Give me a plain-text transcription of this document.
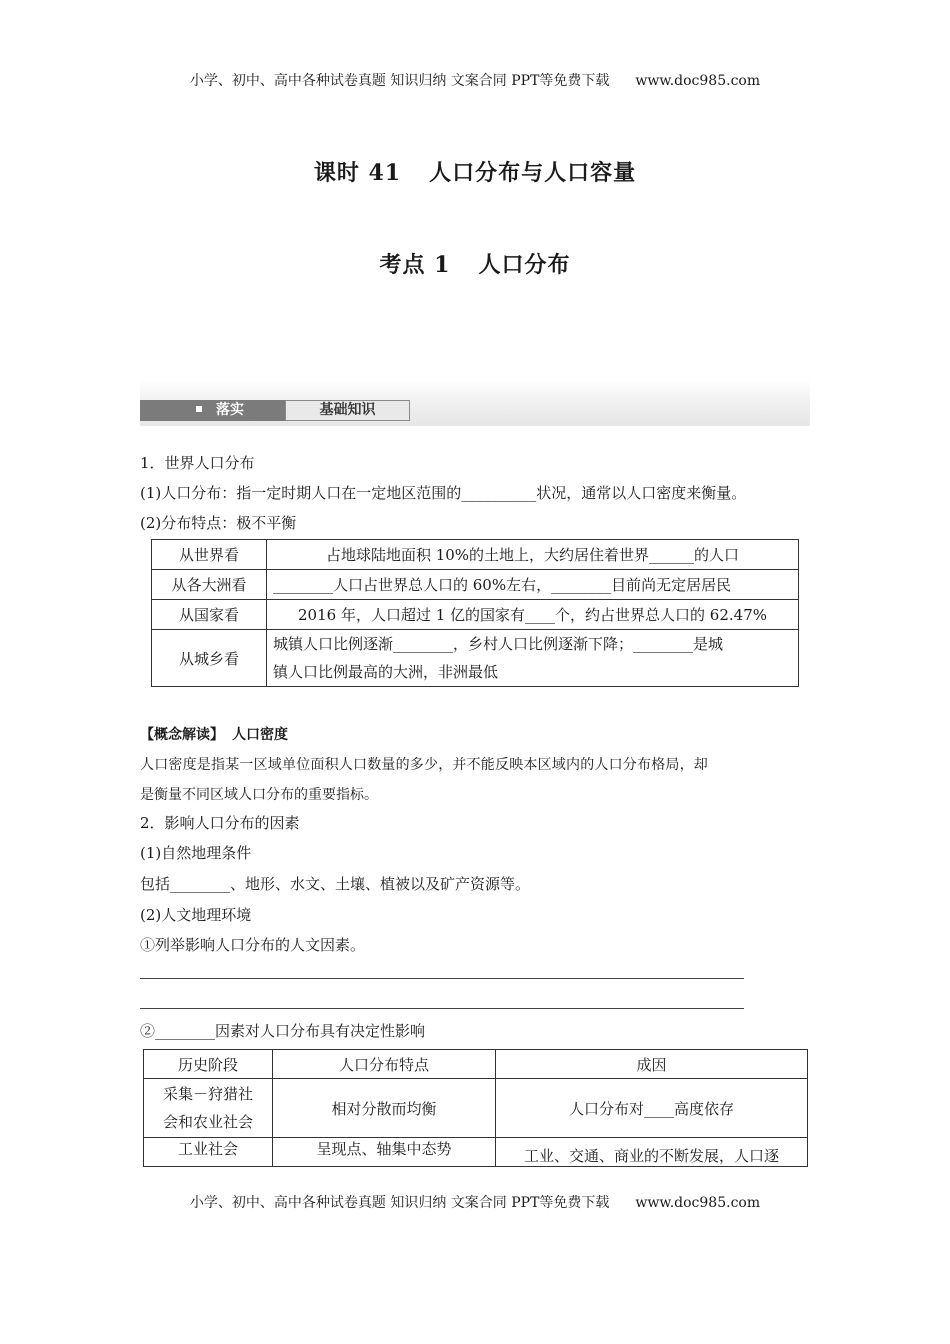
小学、初中、高中各种试卷真题 知识归纳 文案合同 PPT等免费下载 www.doc985.com
课时 41 人口分布与人口容量
考点 1 人口分布
落实	基础知识
1．世界人口分布
(1)人口分布：指一定时期人口在一定地区范围的__________状况，通常以人口密度来衡量。
(2)分布特点：极不平衡
从世界看	占地球陆地面积 10%的土地上，大约居住着世界______的人口
从各大洲看	________人口占世界总人口的 60%左右，________目前尚无定居居民
从国家看	2016 年，人口超过 1 亿的国家有____个，约占世界总人口的 62.47%
从城乡看	城镇人口比例逐渐________，乡村人口比例逐渐下降；________是城
镇人口比例最高的大洲，非洲最低
【概念解读】 人口密度
人口密度是指某一区域单位面积人口数量的多少，并不能反映本区域内的人口分布格局，却
是衡量不同区域人口分布的重要指标。
2．影响人口分布的因素
(1)自然地理条件
包括________、地形、水文、土壤、植被以及矿产资源等。
(2)人文地理环境
①列举影响人口分布的人文因素。
②________因素对人口分布具有决定性影响
历史阶段	人口分布特点	成因

采集－狩猎社
会和农业社会	相对分散而均衡	人口分布对____高度依存
工业社会	呈现点、轴集中态势	工业、交通、商业的不断发展，人口逐
小学、初中、高中各种试卷真题 知识归纳 文案合同 PPT等免费下载 www.doc985.com
